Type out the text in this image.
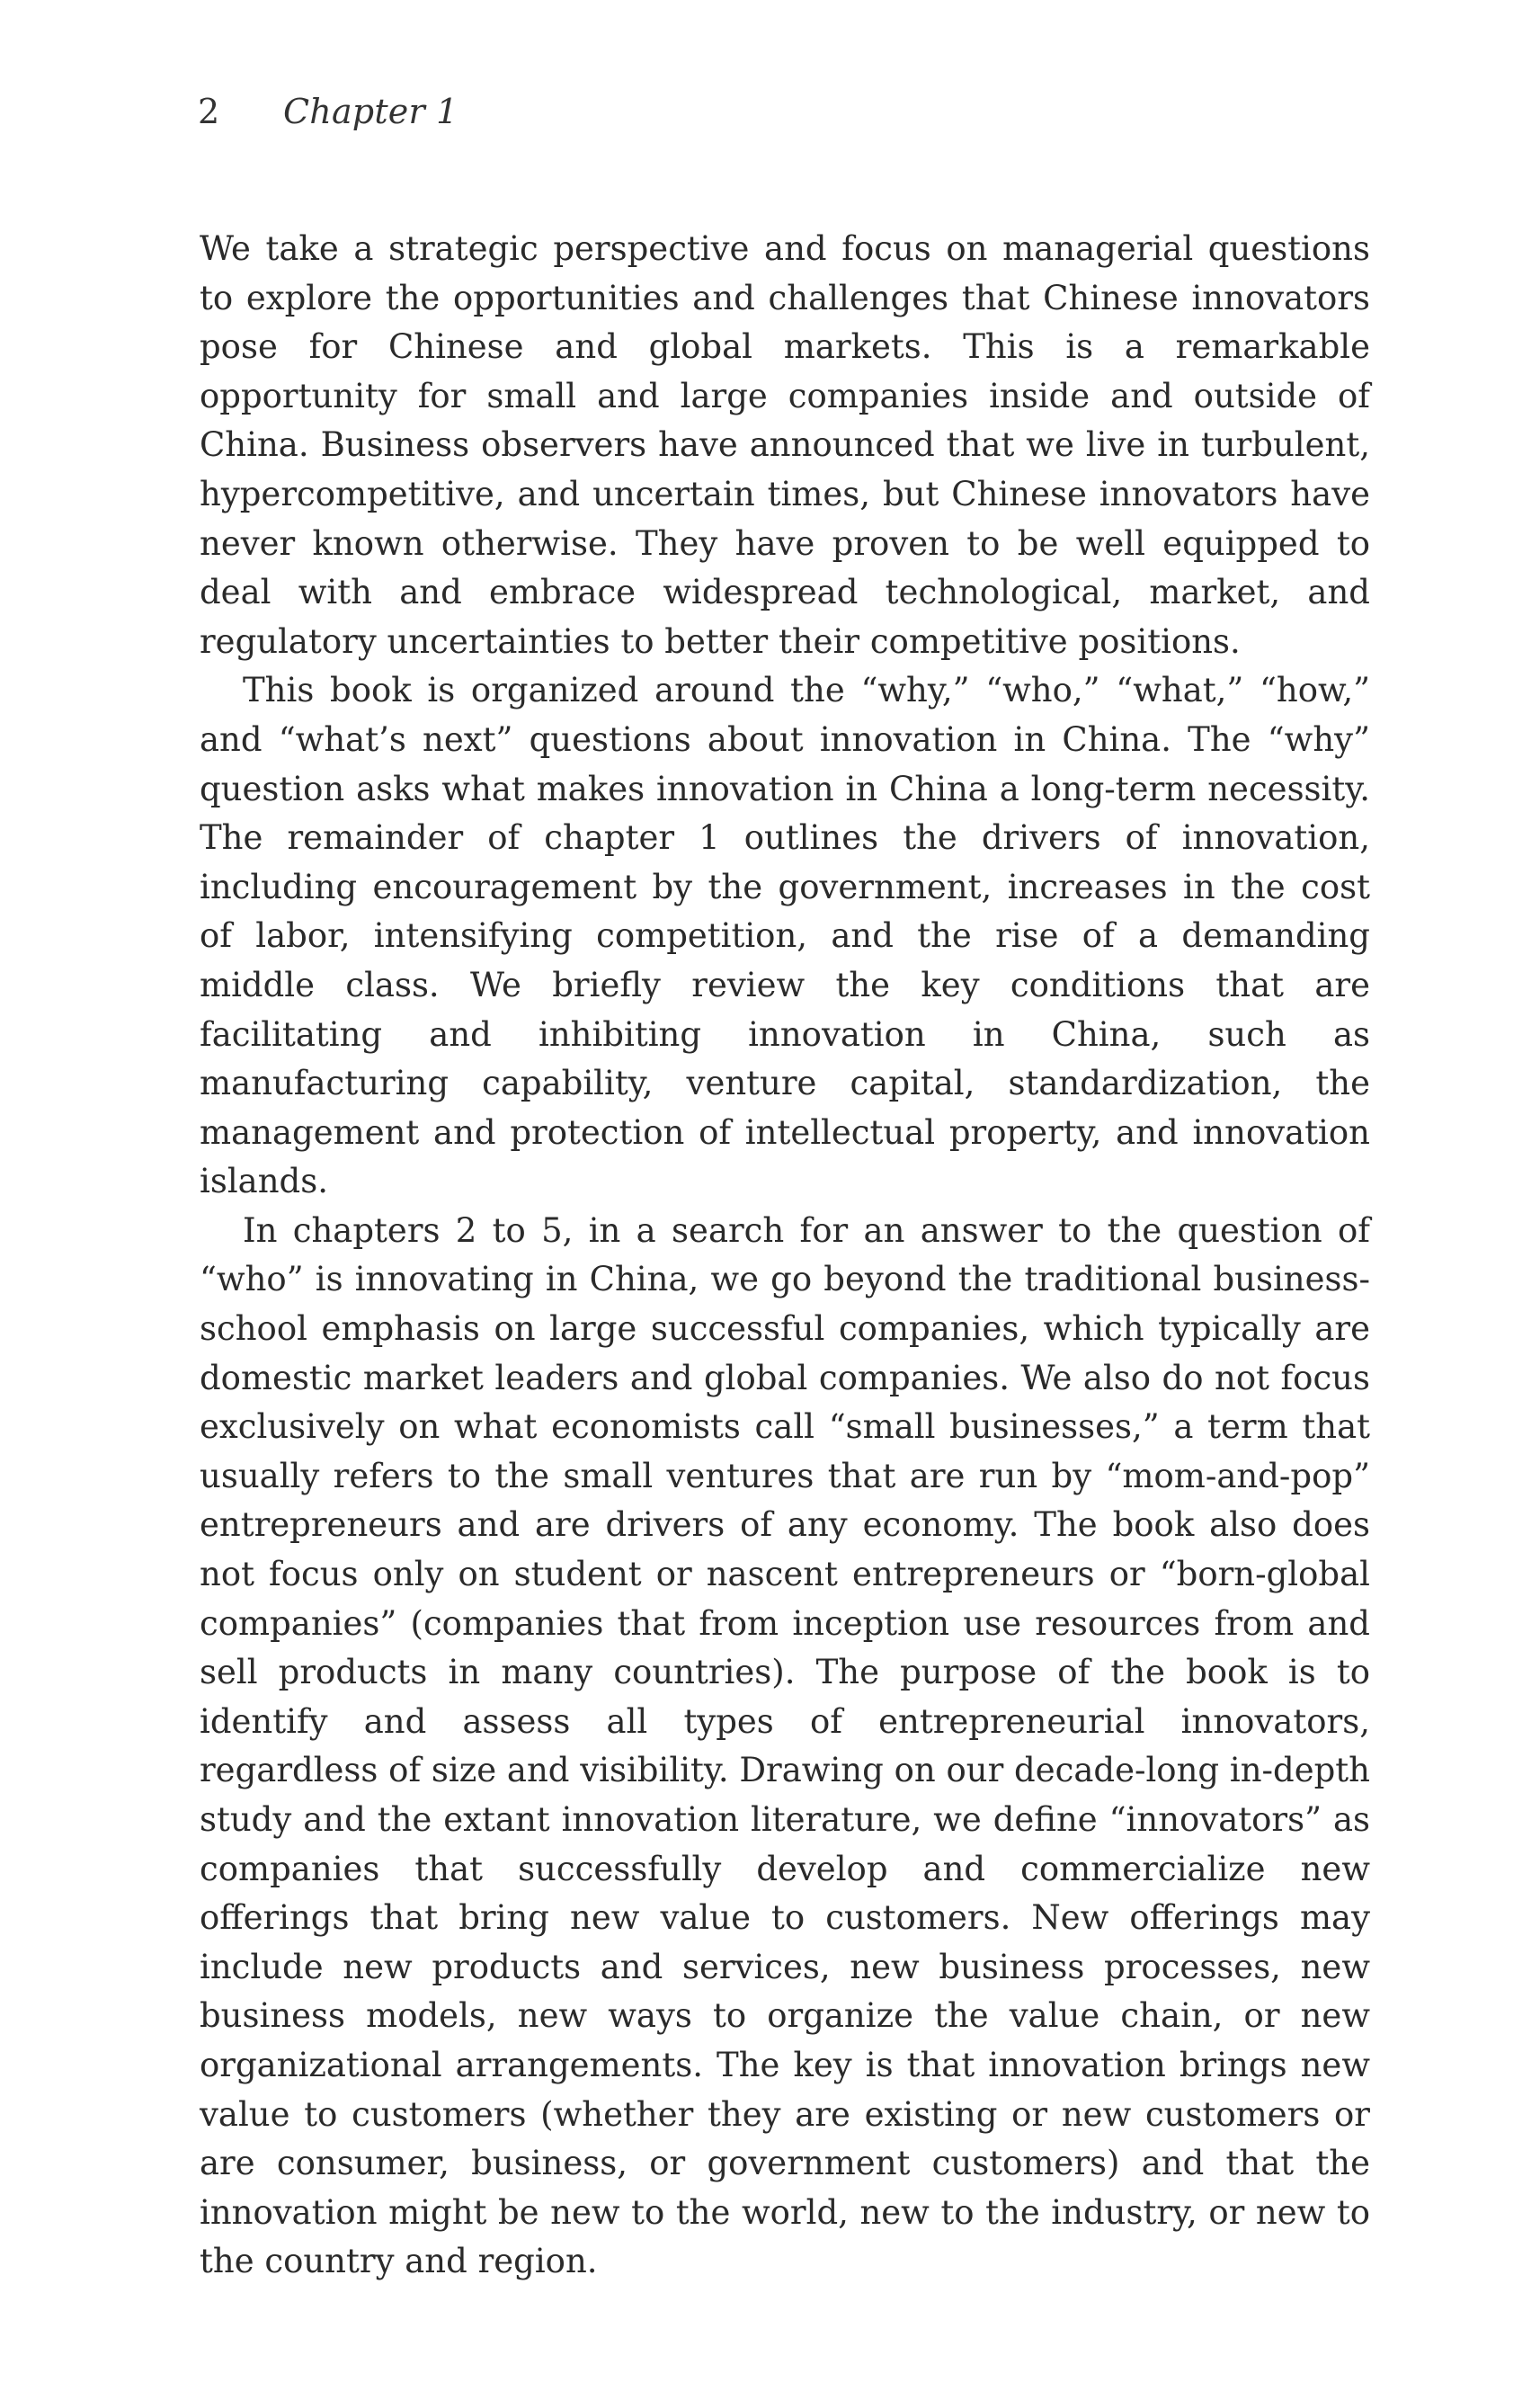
2 Chapter 1

We take a strategic perspective and focus on managerial questions to explore the opportunities and challenges that Chinese innovators pose for Chinese and global markets. This is a remarkable opportunity for small and large companies inside and outside of China. Business observers have announced that we live in turbulent, hypercompetitive, and uncertain times, but Chinese innovators have never known otherwise. They have proven to be well equipped to deal with and embrace widespread technological, market, and regulatory uncertainties to better their competitive positions.

This book is organized around the “why,” “who,” “what,” “how,” and “what’s next” questions about innovation in China. The “why” question asks what makes innovation in China a long-term necessity. The remainder of chapter 1 outlines the drivers of innovation, including encouragement by the government, increases in the cost of labor, intensifying competition, and the rise of a demanding middle class. We briefly review the key conditions that are facilitating and inhibiting innovation in China, such as manufacturing capability, venture capital, standardization, the management and protection of intellectual property, and innovation islands.

In chapters 2 to 5, in a search for an answer to the question of “who” is innovating in China, we go beyond the traditional business-school emphasis on large successful companies, which typically are domestic market leaders and global companies. We also do not focus exclusively on what economists call “small businesses,” a term that usually refers to the small ventures that are run by “mom-and-pop” entrepreneurs and are drivers of any economy. The book also does not focus only on student or nascent entrepreneurs or “born-global companies” (companies that from inception use resources from and sell products in many countries). The purpose of the book is to identify and assess all types of entrepreneurial innovators, regardless of size and visibility. Drawing on our decade-long in-depth study and the extant innovation literature, we define “innovators” as companies that successfully develop and commercialize new offerings that bring new value to customers. New offerings may include new products and services, new business processes, new business models, new ways to organize the value chain, or new organizational arrangements. The key is that innovation brings new value to customers (whether they are existing or new customers or are consumer, business, or government customers) and that the innovation might be new to the world, new to the industry, or new to the country and region.
